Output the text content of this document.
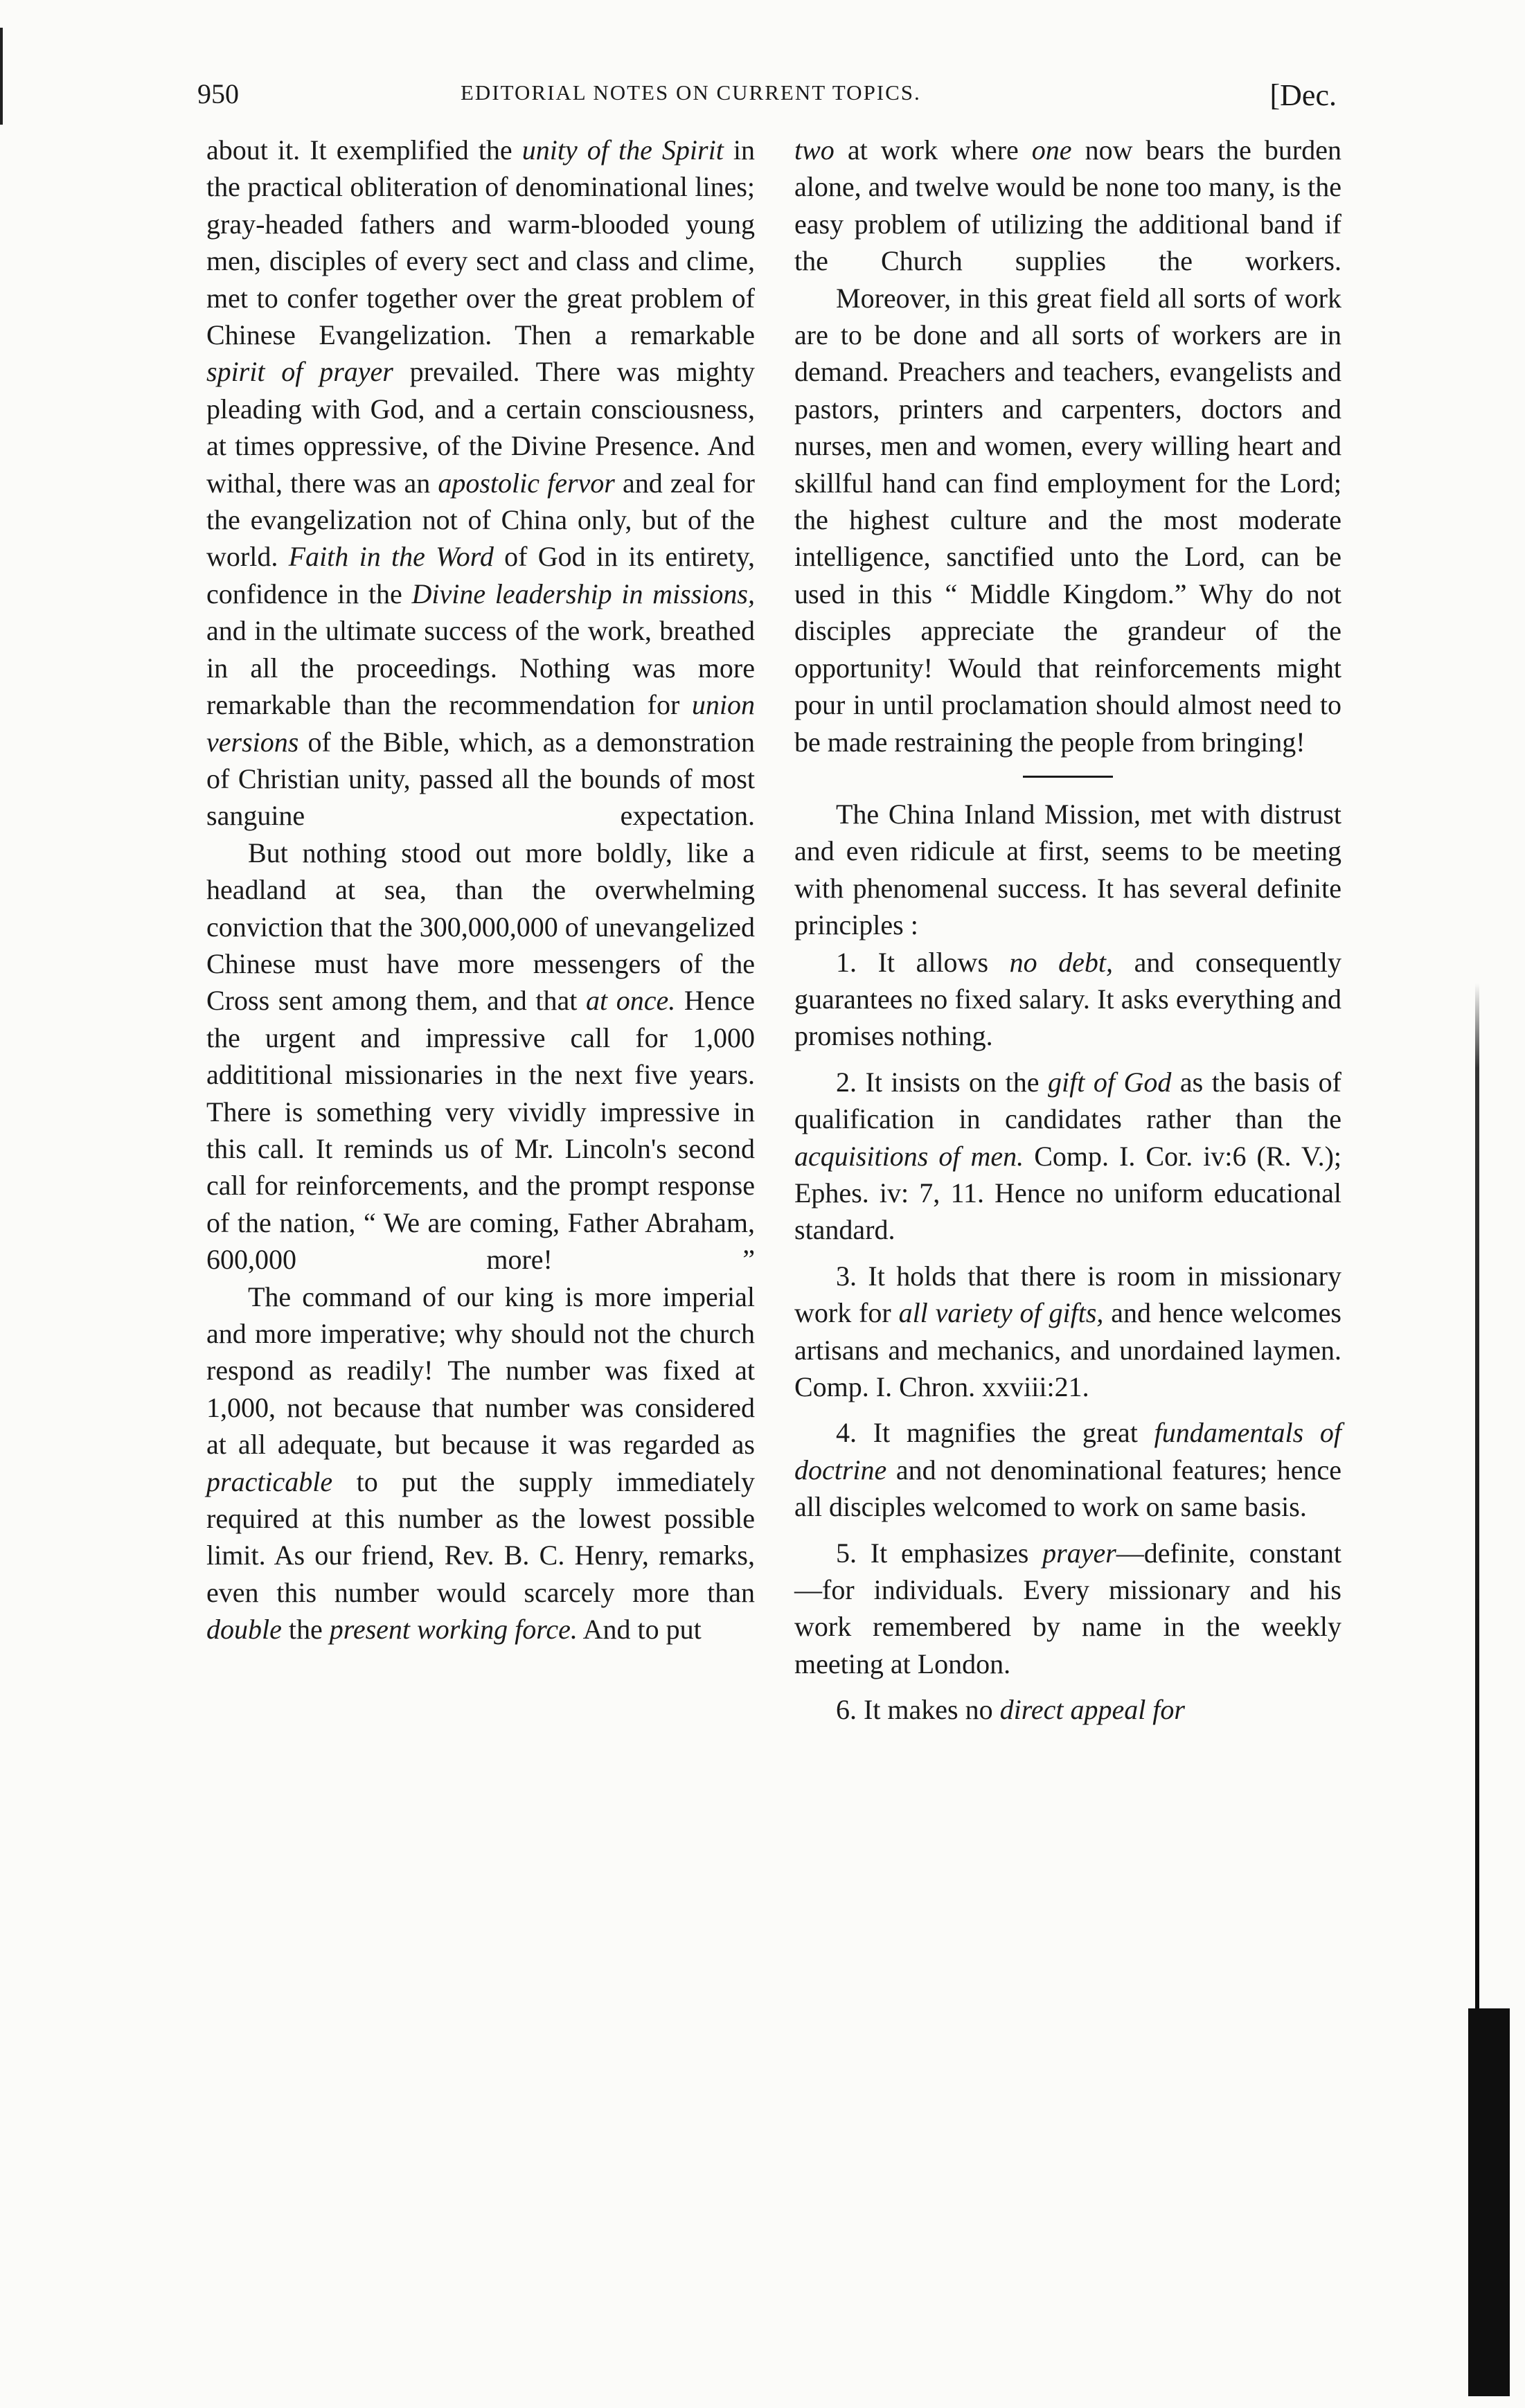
950	EDITORIAL NOTES ON CURRENT TOPICS.	[Dec.

about it. It exemplified the unity of the Spirit in the practical obliteration of denominational lines; gray-headed fathers and warm-blooded young men, disciples of every sect and class and clime, met to confer together over the great problem of Chinese Evangelization. Then a remarkable spirit of prayer prevailed. There was mighty pleading with God, and a certain consciousness, at times oppressive, of the Divine Presence. And withal, there was an apostolic fervor and zeal for the evangelization not of China only, but of the world. Faith in the Word of God in its entirety, confidence in the Divine leadership in missions, and in the ultimate success of the work, breathed in all the proceedings. Nothing was more remarkable than the recommendation for union versions of the Bible, which, as a demonstration of Christian unity, passed all the bounds of most sanguine expectation.

But nothing stood out more boldly, like a headland at sea, than the overwhelming conviction that the 300,000,000 of unevangelized Chinese must have more messengers of the Cross sent among them, and that at once. Hence the urgent and impressive call for 1,000 addititional missionaries in the next five years. There is something very vividly impressive in this call. It reminds us of Mr. Lincoln's second call for reinforcements, and the prompt response of the nation, “ We are coming, Father Abraham, 600,000 more! ”

The command of our king is more imperial and more imperative; why should not the church respond as readily! The number was fixed at 1,000, not because that number was considered at all adequate, but because it was regarded as practicable to put the supply immediately required at this number as the lowest possible limit. As our friend, Rev. B. C. Henry, remarks, even this number would scarcely more than double the present working force. And to put

two at work where one now bears the burden alone, and twelve would be none too many, is the easy problem of utilizing the additional band if the Church supplies the workers.

Moreover, in this great field all sorts of work are to be done and all sorts of workers are in demand. Preachers and teachers, evangelists and pastors, printers and carpenters, doctors and nurses, men and women, every willing heart and skillful hand can find employment for the Lord; the highest culture and the most moderate intelligence, sanctified unto the Lord, can be used in this “ Middle Kingdom.” Why do not disciples appreciate the grandeur of the opportunity! Would that reinforcements might pour in until proclamation should almost need to be made restraining the people from bringing!

The China Inland Mission, met with distrust and even ridicule at first, seems to be meeting with phenomenal success. It has several definite principles :

1. It allows no debt, and consequently guarantees no fixed salary. It asks everything and promises nothing.

2. It insists on the gift of God as the basis of qualification in candidates rather than the acquisitions of men. Comp. I. Cor. iv:6 (R. V.); Ephes. iv: 7, 11. Hence no uniform educational standard.

3. It holds that there is room in missionary work for all variety of gifts, and hence welcomes artisans and mechanics, and unordained laymen. Comp. I. Chron. xxviii:21.

4. It magnifies the great fundamentals of doctrine and not denominational features; hence all disciples welcomed to work on same basis.

5. It emphasizes prayer—definite, constant—for individuals. Every missionary and his work remembered by name in the weekly meeting at London.

6. It makes no direct appeal for
